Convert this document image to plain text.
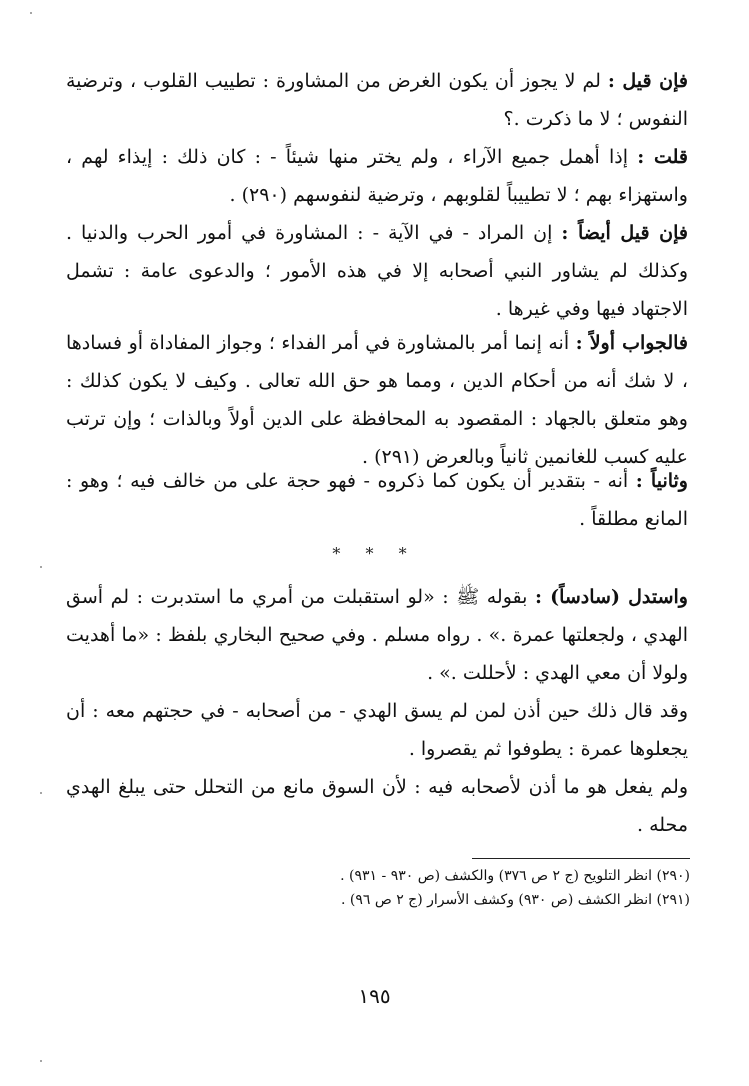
فإن قيل : لم لا يجوز أن يكون الغرض من المشاورة : تطييب القلوب ، وترضية النفوس ؛ لا ما ذكرت .؟

قلت : إذا أهمل جميع الآراء ، ولم يختر منها شيئاً - : كان ذلك : إيذاء لهم ، واستهزاء بهم ؛ لا تطييباً لقلوبهم ، وترضية لنفوسهم (٢٩٠) .

فإن قيل أيضاً : إن المراد - في الآية - : المشاورة في أمور الحرب والدنيا . وكذلك لم يشاور النبي أصحابه إلا في هذه الأمور ؛ والدعوى عامة : تشمل الاجتهاد فيها وفي غيرها .

فالجواب أولاً : أنه إنما أمر بالمشاورة في أمر الفداء ؛ وجواز المفاداة أو فسادها ، لا شك أنه من أحكام الدين ، ومما هو حق الله تعالى . وكيف لا يكون كذلك : وهو متعلق بالجهاد : المقصود به المحافظة على الدين أولاً وبالذات ؛ وإن ترتب عليه كسب للغانمين ثانياً وبالعرض (٢٩١) .

وثانياً : أنه - بتقدير أن يكون كما ذكروه - فهو حجة على من خالف فيه ؛ وهو : المانع مطلقاً .

* * *

واستدل (سادساً) : بقوله ﷺ : «لو استقبلت من أمري ما استدبرت : لم أسق الهدي ، ولجعلتها عمرة .» . رواه مسلم . وفي صحيح البخاري بلفظ : «ما أهديت ولولا أن معي الهدي : لأحللت .» .

وقد قال ذلك حين أذن لمن لم يسق الهدي - من أصحابه - في حجتهم معه : أن يجعلوها عمرة : يطوفوا ثم يقصروا .

ولم يفعل هو ما أذن لأصحابه فيه : لأن السوق مانع من التحلل حتى يبلغ الهدي محله .

(٢٩٠) انظر التلويح (ج ٢ ص ٣٧٦) والكشف (ص ٩٣٠ - ٩٣١) .

(٢٩١) انظر الكشف (ص ٩٣٠) وكشف الأسرار (ج ٢ ص ٩٦) .

١٩٥
